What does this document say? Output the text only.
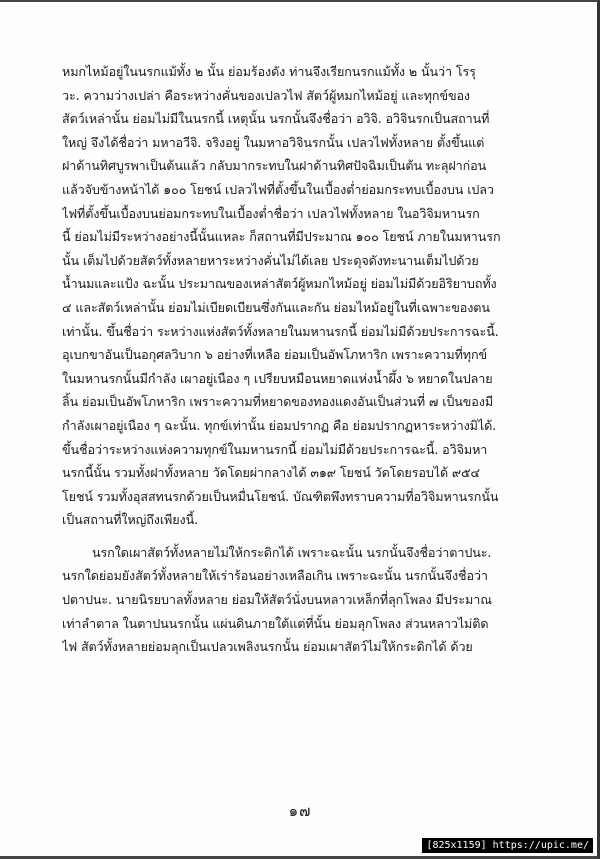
หมกไหม้อยู่ในนรกแม้ทั้ง ๒ นั้น ย่อมร้องดัง ท่านจึงเรียกนรกแม้ทั้ง ๒ นั้นว่า โรรุ
วะ. ความว่างเปล่า คือระหว่างคั่นของเปลวไฟ สัตว์ผู้หมกไหม้อยู่ และทุกข์ของ
สัตว์เหล่านั้น ย่อมไม่มีในนรกนี้ เหตุนั้น นรกนั้นจึงชื่อว่า อวิจิ. อวิจินรกเป็นสถานที่
ใหญ่ จึงได้ชื่อว่า มหาอวีจิ. จริงอยู่ ในมหาอวิจินรกนั้น เปลวไฟทั้งหลาย ตั้งขึ้นแต่
ฝาด้านทิศบูรพาเป็นต้นแล้ว กลับมากระทบในฝาด้านทิศปัจฉิมเป็นต้น ทะลุฝาก่อน
แล้วจับข้างหน้าได้ ๑๐๐ โยชน์ เปลวไฟที่ตั้งขึ้นในเบื้องต่ำย่อมกระทบเบื้องบน เปลว
ไฟที่ตั้งขึ้นเบื้องบนย่อมกระทบในเบื้องต่ำชื่อว่า เปลวไฟทั้งหลาย ในอวิจิมหานรก
นี้ ย่อมไม่มีระหว่างอย่างนี้นั้นแหละ ก็สถานที่มีประมาณ ๑๐๐ โยชน์ ภายในมหานรก
นั้น เต็มไปด้วยสัตว์ทั้งหลายหาระหว่างคั่นไม่ได้เลย ประดุจดังทะนานเต็มไปด้วย
น้ำนมและแป้ง ฉะนั้น ประมาณของเหล่าสัตว์ผู้หมกไหม้อยู่ ย่อมไม่มีด้วยอิริยาบถทั้ง
๔ และสัตว์เหล่านั้น ย่อมไม่เบียดเบียนซึ่งกันและกัน ย่อมไหม้อยู่ในที่เฉพาะของตน
เท่านั้น. ขึ้นชื่อว่า ระหว่างแห่งสัตว์ทั้งหลายในมหานรกนี้ ย่อมไม่มีด้วยประการฉะนี้.
อุเบกขาอันเป็นอกุศลวิบาก ๖ อย่างที่เหลือ ย่อมเป็นอัพโภหาริก เพราะความที่ทุกข์
ในมหานรกนั้นมีกำลัง เผาอยู่เนือง ๆ เปรียบหมือนหยาดแห่งน้ำผึ้ง ๖ หยาดในปลาย
ลิ้น ย่อมเป็นอัพโภหาริก เพราะความที่หยาดของทองแดงอันเป็นส่วนที่ ๗ เป็นของมี
กำลังเผาอยู่เนือง ๆ ฉะนั้น. ทุกข์เท่านั้น ย่อมปรากฏ คือ ย่อมปรากฏหาระหว่างมิได้.
ขึ้นชื่อว่าระหว่างแห่งความทุกข์ในมหานรกนี้ ย่อมไม่มีด้วยประการฉะนี้. อวิจิมหา
นรกนี้นั้น รวมทั้งฝาทั้งหลาย วัดโดยผ่ากลางได้ ๓๑๙ โยชน์ วัดโดยรอบได้ ๙๕๔
โยชน์ รวมทั้งอุสสทนรกด้วยเป็นหมื่นโยชน์. บัณฑิตพึงทราบความที่อวิจิมหานรกนั้น
เป็นสถานที่ใหญ่ถึงเพียงนี้.

นรกใดเผาสัตว์ทั้งหลายไม่ให้กระดิกได้ เพราะฉะนั้น นรกนั้นจึงชื่อว่าตาปนะ.
นรกใดย่อมยังสัตว์ทั้งหลายให้เร่าร้อนอย่างเหลือเกิน เพราะฉะนั้น นรกนั้นจึงชื่อว่า
ปตาปนะ. นายนิรยบาลทั้งหลาย ย่อมให้สัตว์นั่งบนหลาวเหล็กที่ลุกโพลง มีประมาณ
เท่าลำตาล ในตาปนนรกนั้น แผ่นดินภายใต้แต่ที่นั้น ย่อมลุกโพลง ส่วนหลาวไม่ติด
ไฟ สัตว์ทั้งหลายย่อมลุกเป็นเปลวเพลิงนรกนั้น ย่อมเผาสัตว์ไม่ให้กระดิกได้ ด้วย

๑๗
[825x1159] https://upic.me/
